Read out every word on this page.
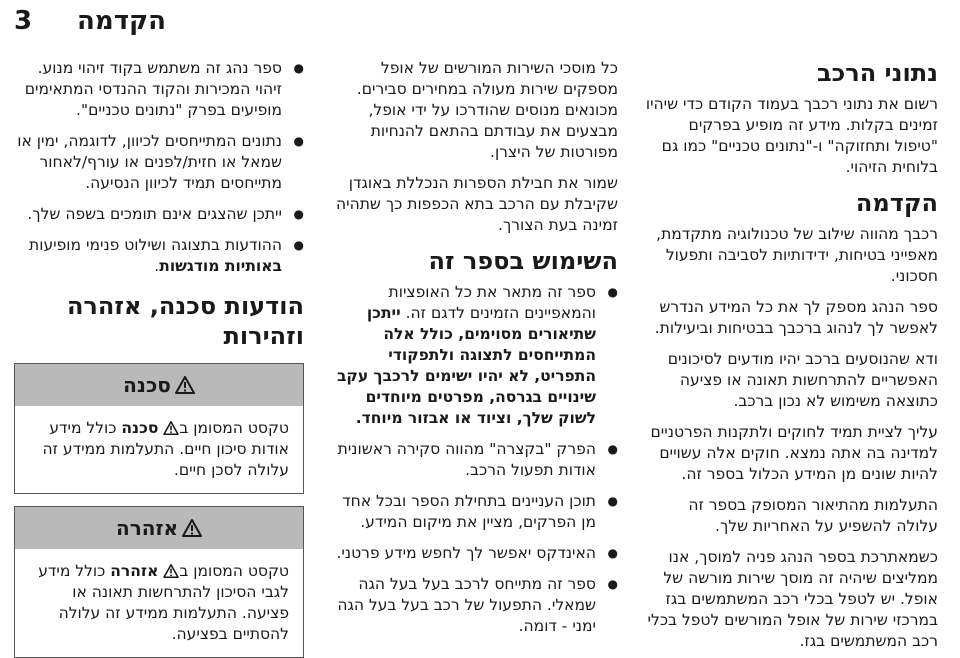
הקדמה
3
נתוני הרכב

רשום את נתוני רכבך בעמוד הקודם כדי שיהיו זמינים בקלות. מידע זה מופיע בפרקים "טיפול ותחזוקה" ו-"נתונים טכניים" כמו גם בלוחית הזיהוי.

הקדמה

רכבך מהווה שילוב של טכנולוגיה מתקדמת, מאפייני בטיחות, ידידותיות לסביבה ותפעול חסכוני.

ספר הנהג מספק לך את כל המידע הנדרש לאפשר לך לנהוג ברכבך בבטיחות וביעילות.

ודא שהנוסעים ברכב יהיו מודעים לסיכונים האפשריים להתרחשות תאונה או פציעה כתוצאה משימוש לא נכון ברכב.

עליך לציית תמיד לחוקים ולתקנות הפרטניים למדינה בה אתה נמצא. חוקים אלה עשויים להיות שונים מן המידע הכלול בספר זה.

התעלמות מהתיאור המסופק בספר זה עלולה להשפיע על האחריות שלך.

כשמאתרכת בספר הנהג פניה למוסך, אנו ממליצים שיהיה זה מוסך שירות מורשה של אופל. יש לטפל בכלי רכב המשתמשים בגז במרכזי שירות של אופל המורשים לטפל בכלי רכב המשתמשים בגז.

כל מוסכי השירות המורשים של אופל מספקים שירות מעולה במחירים סבירים. מכונאים מנוסים שהודרכו על ידי אופל, מבצעים את עבודתם בהתאם להנחיות מפורטות של היצרן.

שמור את חבילת הספרות הנכללת באוגדן שקיבלת עם הרכב בתא הכפפות כך שתהיה זמינה בעת הצורך.

השימוש בספר זה
●
ספר זה מתאר את כל האופציות והמאפיינים הזמינים לדגם זה. ייתכן שתיאורים מסוימים, כולל אלה המתייחסים לתצוגה ולתפקודי התפריט, לא יהיו ישימים לרכבך עקב שינויים בגרסה, מפרטים מיוחדים לשוק שלך, וציוד או אבזור מיוחד.
●
הפרק "בקצרה" מהווה סקירה ראשונית אודות תפעול הרכב.
●
תוכן העניינים בתחילת הספר ובכל אחד מן הפרקים, מציין את מיקום המידע.
●
האינדקס יאפשר לך לחפש מידע פרטני.
●
ספר זה מתייחס לרכב בעל בעל הגה שמאלי. התפעול של רכב בעל בעל הגה ימני - דומה.
●
ספר נהג זה משתמש בקוד זיהוי מנוע. זיהוי המכירות והקוד ההנדסי המתאימים מופיעים בפרק "נתונים טכניים".
●
נתונים המתייחסים לכיוון, לדוגמה, ימין או שמאל או חזית/לפנים או עורף/לאחור מתייחסים תמיד לכיוון הנסיעה.
●
ייתכן שהצגים אינם תומכים בשפה שלך.
●
ההודעות בתצוגה ושילוט פנימי מופיעות באותיות מודגשות.
הודעות סכנה, אזהרה וזהירות
סכנה
טקסט המסומן ב סכנה כולל מידע אודות סיכון חיים. התעלמות ממידע זה עלולה לסכן חיים.
אזהרה
טקסט המסומן ב אזהרה כולל מידע לגבי הסיכון להתרחשות תאונה או פציעה. התעלמות ממידע זה עלולה להסתיים בפציעה.
